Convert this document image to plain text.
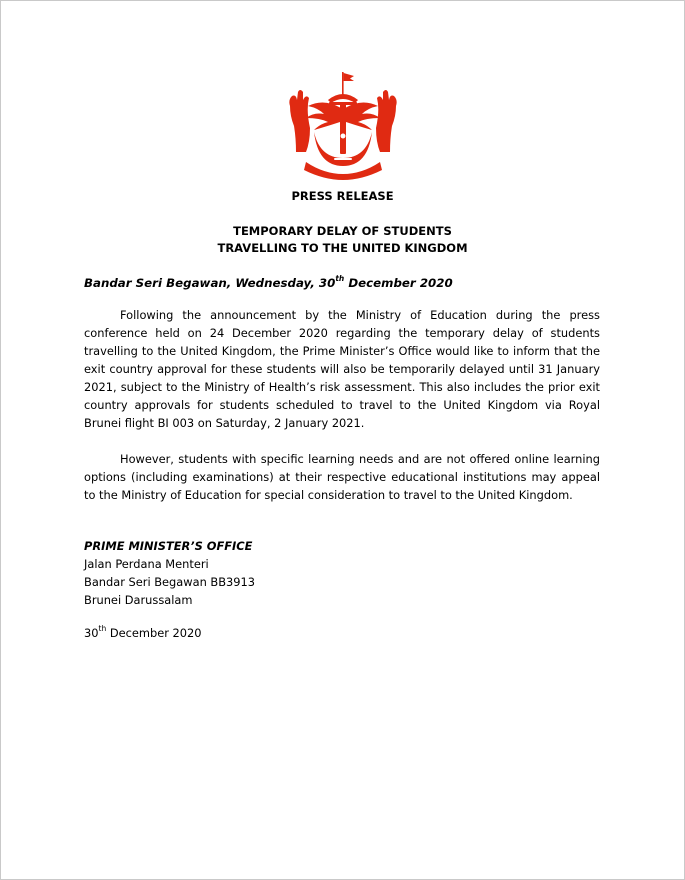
PRESS RELEASE
TEMPORARY DELAY OF STUDENTS
TRAVELLING TO THE UNITED KINGDOM
Bandar Seri Begawan, Wednesday, 30th December 2020

Following the announcement by the Ministry of Education during the press conference held on 24 December 2020 regarding the temporary delay of students travelling to the United Kingdom, the Prime Minister’s Office would like to inform that the exit country approval for these students will also be temporarily delayed until 31 January 2021, subject to the Ministry of Health’s risk assessment. This also includes the prior exit country approvals for students scheduled to travel to the United Kingdom via Royal Brunei flight BI 003 on Saturday, 2 January 2021.

However, students with specific learning needs and are not offered online learning options (including examinations) at their respective educational institutions may appeal to the Ministry of Education for special consideration to travel to the United Kingdom.

PRIME MINISTER’S OFFICE
Jalan Perdana Menteri
Bandar Seri Begawan BB3913
Brunei Darussalam
30th December 2020
